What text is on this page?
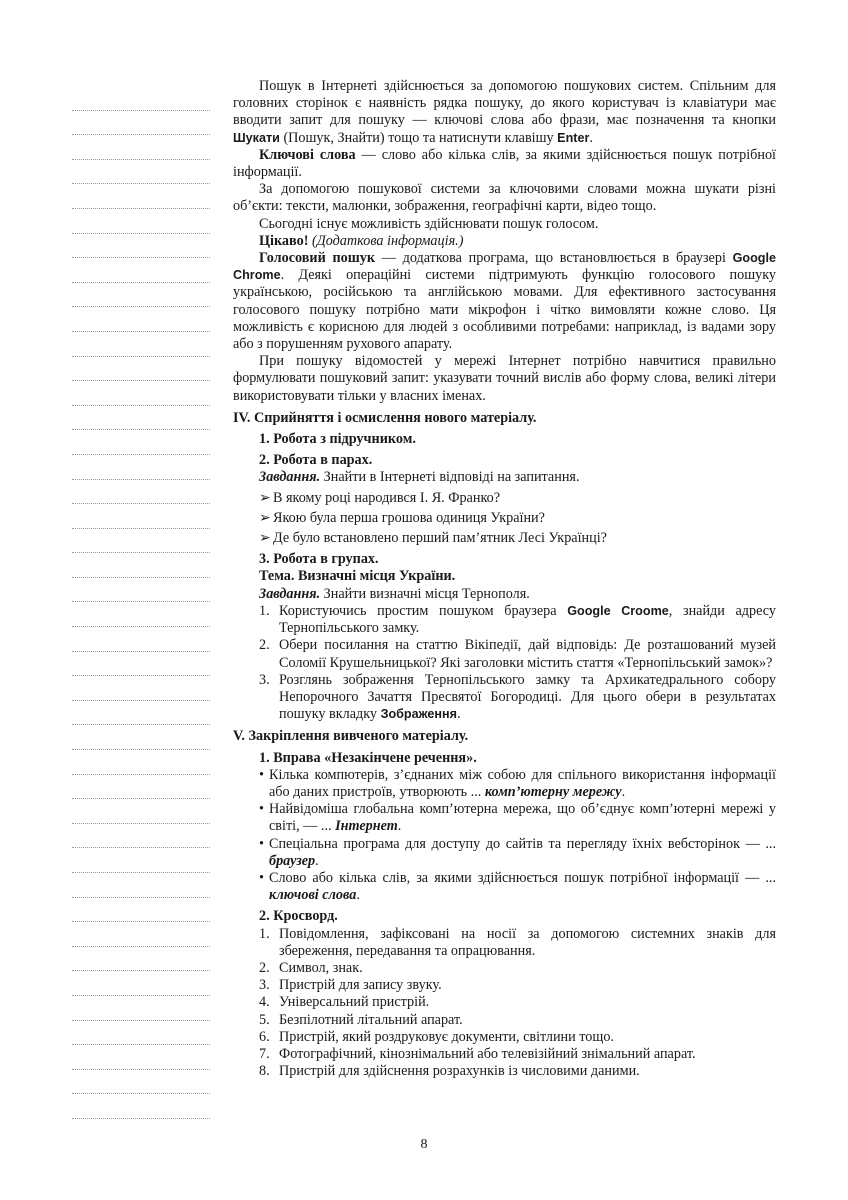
Пошук в Інтернеті здійснюється за допомогою пошукових систем. Спільним для головних сторінок є наявність рядка пошуку, до якого користувач із клавіатури має вводити запит для пошуку — ключові слова або фрази, має позначення та кнопки Шукати (Пошук, Знайти) тощо та натиснути клавішу Enter.

Ключові слова — слово або кілька слів, за якими здійснюється пошук потрібної інформації.

За допомогою пошукової системи за ключовими словами можна шукати різні об’єкти: тексти, малюнки, зображення, географічні карти, відео тощо.

Сьогодні існує можливість здійснювати пошук голосом.

Цікаво! (Додаткова інформація.)

Голосовий пошук — додаткова програма, що встановлюється в браузері Google Chrome. Деякі операційні системи підтримують функцію голосового пошуку українською, російською та англійською мовами. Для ефективного застосування голосового пошуку потрібно мати мікрофон і чітко вимовляти кожне слово. Ця можливість є корисною для людей з особливими потребами: наприклад, із вадами зору або з порушенням рухового апарату.

При пошуку відомостей у мережі Інтернет потрібно навчитися правильно формулювати пошуковий запит: указувати точний вислів або форму слова, великі літери використовувати тільки у власних іменах.

IV. Сприйняття і осмислення нового матеріалу.

1. Робота з підручником.

2. Робота в парах.

Завдання. Знайти в Інтернеті відповіді на запитання.

➢ В якому році народився І. Я. Франко?
➢ Якою була перша грошова одиниця України?
➢ Де було встановлено перший пам’ятник Лесі Українці?

3. Робота в групах.

Тема. Визначні місця України.

Завдання. Знайти визначні місця Тернополя.

1. Користуючись простим пошуком браузера Google Croome, знайди адресу Тернопільського замку.
2. Обери посилання на статтю Вікіпедії, дай відповідь: Де розташований музей Соломії Крушельницької? Які заголовки містить стаття «Тернопільський замок»?
3. Розглянь зображення Тернопільського замку та Архикатедрального собору Непорочного Зачаття Пресвятої Богородиці. Для цього обери в результатах пошуку вкладку Зображення.

V. Закріплення вивченого матеріалу.

1. Вправа «Незакінчене речення».

• Кілька компютерів, з’єднаних між собою для спільного використання інформації або даних пристроїв, утворюють ... комп’ютерну мережу.
• Найвідоміша глобальна комп’ютерна мережа, що об’єднує комп’ютерні мережі у світі, — ... Інтернет.
• Спеціальна програма для доступу до сайтів та перегляду їхніх вебсторінок — ... браузер.
• Слово або кілька слів, за якими здійснюється пошук потрібної інформації — ... ключові слова.

2. Кросворд.

1. Повідомлення, зафіксовані на носії за допомогою системних знаків для збереження, передавання та опрацювання.
2. Символ, знак.
3. Пристрій для запису звуку.
4. Універсальний пристрій.
5. Безпілотний літальний апарат.
6. Пристрій, який роздруковує документи, світлини тощо.
7. Фотографічний, кінознімальний або телевізійний знімальний апарат.
8. Пристрій для здійснення розрахунків із числовими даними.
8
